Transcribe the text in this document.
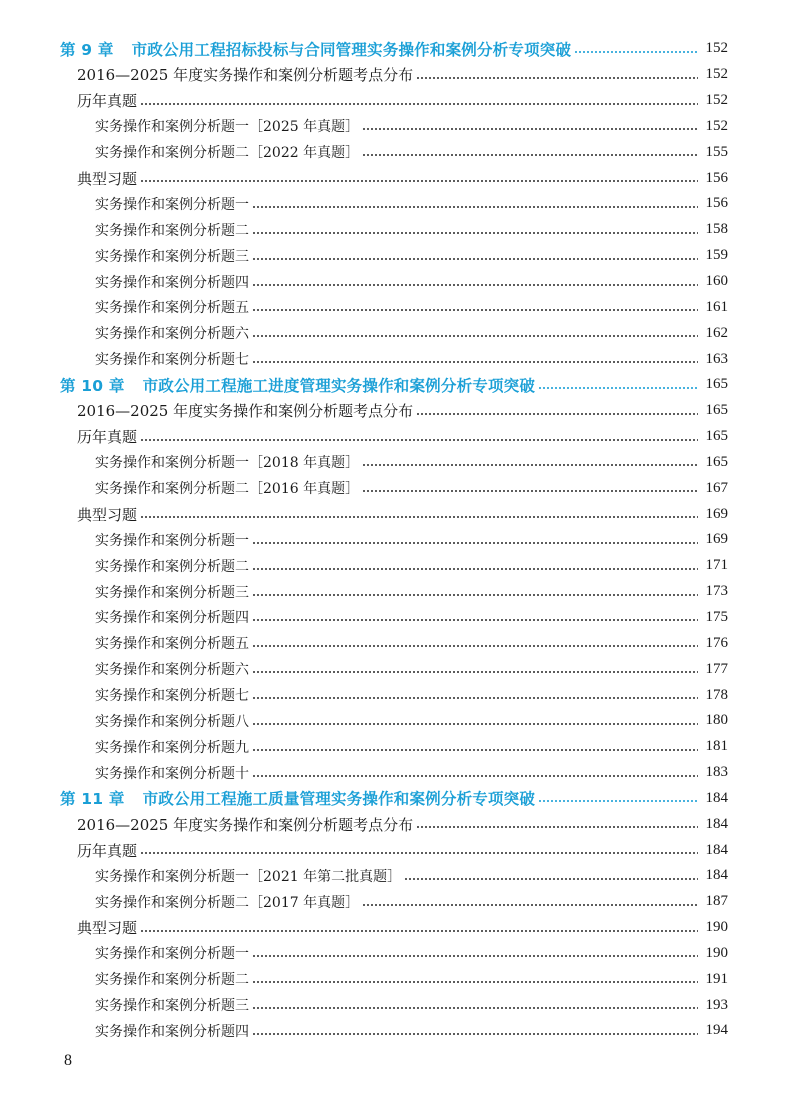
第 9 章 市政公用工程招标投标与合同管理实务操作和案例分析专项突破	152
2016—2025 年度实务操作和案例分析题考点分布	152
历年真题	152
实务操作和案例分析题一［2025 年真题］	152
实务操作和案例分析题二［2022 年真题］	155
典型习题	156
实务操作和案例分析题一	156
实务操作和案例分析题二	158
实务操作和案例分析题三	159
实务操作和案例分析题四	160
实务操作和案例分析题五	161
实务操作和案例分析题六	162
实务操作和案例分析题七	163
第 10 章 市政公用工程施工进度管理实务操作和案例分析专项突破	165
2016—2025 年度实务操作和案例分析题考点分布	165
历年真题	165
实务操作和案例分析题一［2018 年真题］	165
实务操作和案例分析题二［2016 年真题］	167
典型习题	169
实务操作和案例分析题一	169
实务操作和案例分析题二	171
实务操作和案例分析题三	173
实务操作和案例分析题四	175
实务操作和案例分析题五	176
实务操作和案例分析题六	177
实务操作和案例分析题七	178
实务操作和案例分析题八	180
实务操作和案例分析题九	181
实务操作和案例分析题十	183
第 11 章 市政公用工程施工质量管理实务操作和案例分析专项突破	184
2016—2025 年度实务操作和案例分析题考点分布	184
历年真题	184
实务操作和案例分析题一［2021 年第二批真题］	184
实务操作和案例分析题二［2017 年真题］	187
典型习题	190
实务操作和案例分析题一	190
实务操作和案例分析题二	191
实务操作和案例分析题三	193
实务操作和案例分析题四	194
8
